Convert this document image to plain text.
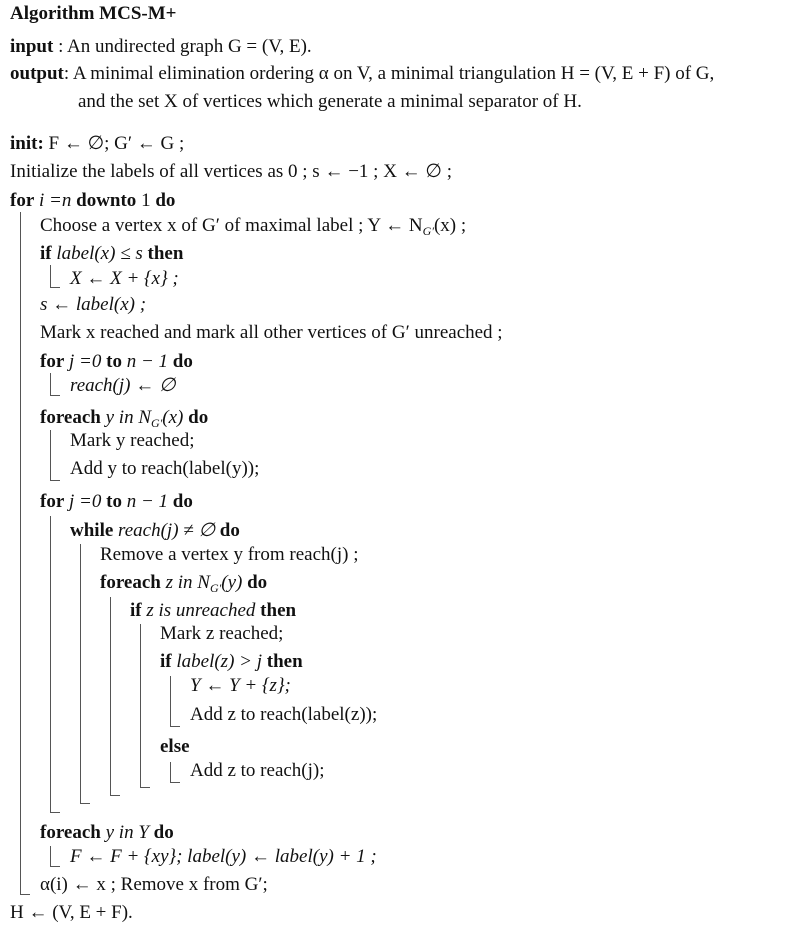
Algorithm MCS-M+
input : An undirected graph G = (V, E).
output: A minimal elimination ordering α on V, a minimal triangulation H = (V, E + F) of G,
and the set X of vertices which generate a minimal separator of H.
init: F ← ∅; G′ ← G ;
Initialize the labels of all vertices as 0 ; s ← −1 ; X ← ∅ ;
for i =n downto 1 do
Choose a vertex x of G′ of maximal label ; Y ← $N_{G'}(x)$ ;
if label(x) ≤ s then
X ← X + {x} ;
s ← label(x) ;
Mark x reached and mark all other vertices of G′ unreached ;
for j =0 to n − 1 do
reach(j) ← ∅
foreach y in $N_{G'}(x)$ do
Mark y reached;
Add y to reach(label(y));
for j =0 to n − 1 do
while reach(j) ≠ ∅ do
Remove a vertex y from reach(j) ;
foreach z in $N_{G'}(y)$ do
if z is unreached then
Mark z reached;
if label(z) > j then
Y ← Y + {z};
Add z to reach(label(z));
else
Add z to reach(j);
foreach y in Y do
F ← F + {xy}; label(y) ← label(y) + 1 ;
α(i) ← x ; Remove x from G′;
H ← (V, E + F).
